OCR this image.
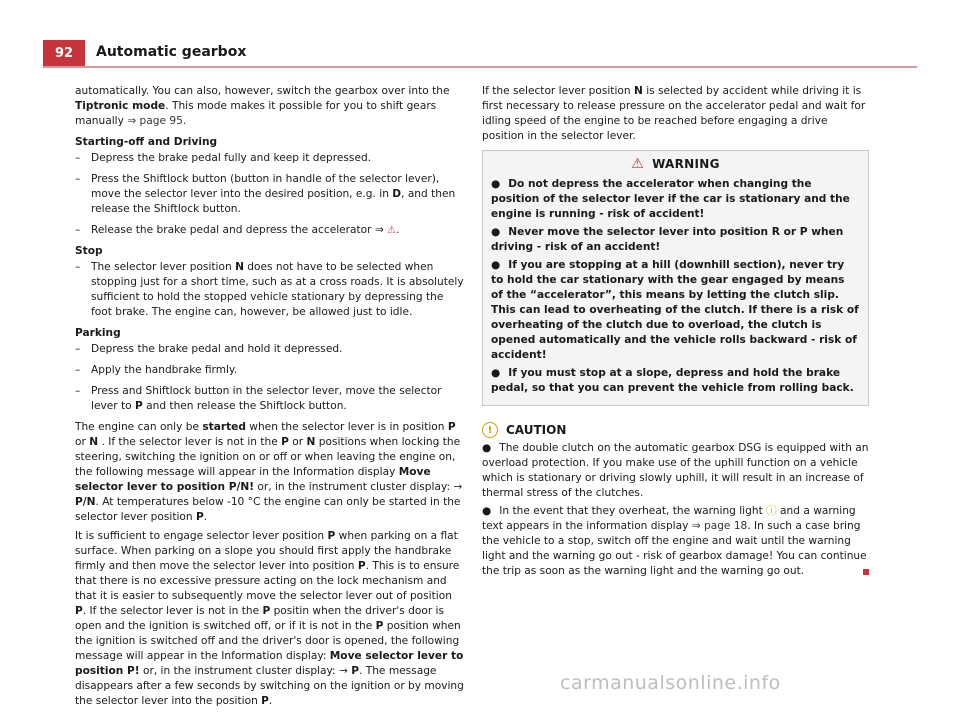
92	Automatic gearbox

automatically. You can also, however, switch the gearbox over into the Tiptronic mode. This mode makes it possible for you to shift gears manually ⇒ page 95.

Starting-off and Driving
– Depress the brake pedal fully and keep it depressed.
– Press the Shiftlock button (button in handle of the selector lever), move the selector lever into the desired position, e.g. in D, and then release the Shiftlock button.
– Release the brake pedal and depress the accelerator ⇒ ⚠.
Stop
– The selector lever position N does not have to be selected when stopping just for a short time, such as at a cross roads. It is absolutely sufficient to hold the stopped vehicle stationary by depressing the foot brake. The engine can, however, be allowed just to idle.
Parking
– Depress the brake pedal and hold it depressed.
– Apply the handbrake firmly.
– Press and Shiftlock button in the selector lever, move the selector lever to P and then release the Shiftlock button.

The engine can only be started when the selector lever is in position P or N . If the selector lever is not in the P or N positions when locking the steering, switching the ignition on or off or when leaving the engine on, the following message will appear in the Information display Move selector lever to position P/N! or, in the instrument cluster display: → P/N. At temperatures below -10 °C the engine can only be started in the selector lever position P.

It is sufficient to engage selector lever position P when parking on a flat surface. When parking on a slope you should first apply the handbrake firmly and then move the selector lever into position P. This is to ensure that there is no excessive pressure acting on the lock mechanism and that it is easier to subsequently move the selector lever out of position P. If the selector lever is not in the P positin when the driver's door is open and the ignition is switched off, or if it is not in the P position when the ignition is switched off and the driver's door is opened, the following message will appear in the Information display: Move selector lever to position P! or, in the instrument cluster display: → P. The message disappears after a few seconds by switching on the ignition or by moving the selector lever into the position P.

If the selector lever position N is selected by accident while driving it is first necessary to release pressure on the accelerator pedal and wait for idling speed of the engine to be reached before engaging a drive position in the selector lever.

⚠ WARNING

● Do not depress the accelerator when changing the position of the selector lever if the car is stationary and the engine is running - risk of accident!

● Never move the selector lever into position R or P when driving - risk of an accident!

● If you are stopping at a hill (downhill section), never try to hold the car stationary with the gear engaged by means of the “accelerator”, this means by letting the clutch slip. This can lead to overheating of the clutch. If there is a risk of overheating of the clutch due to overload, the clutch is opened automatically and the vehicle rolls backward - risk of accident!

● If you must stop at a slope, depress and hold the brake pedal, so that you can prevent the vehicle from rolling back.

!	CAUTION

● The double clutch on the automatic gearbox DSG is equipped with an overload protection. If you make use of the uphill function on a vehicle which is stationary or driving slowly uphill, it will result in an increase of thermal stress of the clutches.

● In the event that they overheat, the warning light ⓘ and a warning text appears in the information display ⇒ page 18. In such a case bring the vehicle to a stop, switch off the engine and wait until the warning light and the warning go out - risk of gearbox damage! You can continue the trip as soon as the warning light and the warning go out.

carmanualsonline.info
